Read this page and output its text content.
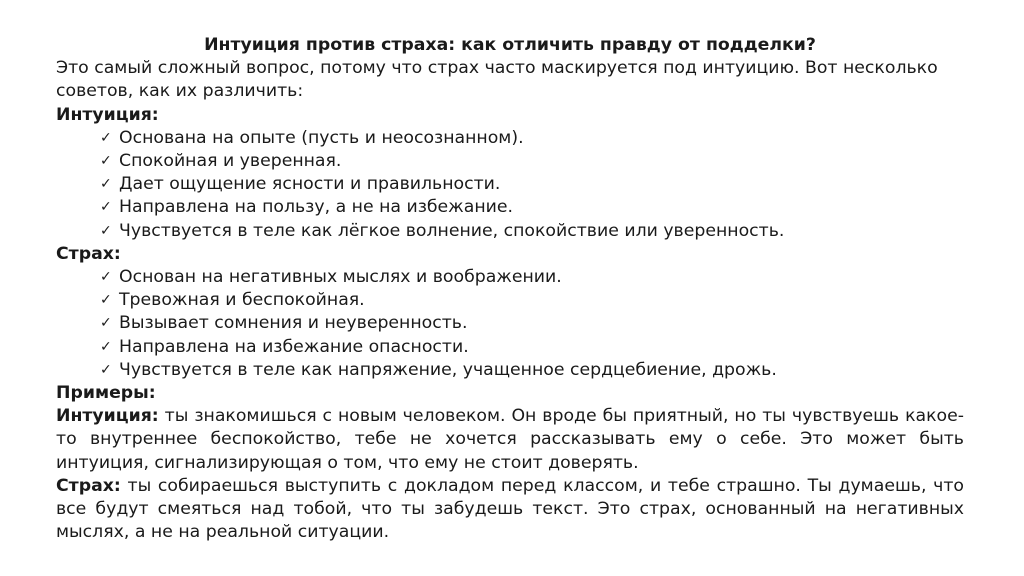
Интуиция против страха: как отличить правду от подделки?

Это самый сложный вопрос, потому что страх часто маскируется под интуицию. Вот несколько советов, как их различить:

Интуиция:

✓ Основана на опыте (пусть и неосознанном).
✓ Спокойная и уверенная.
✓ Дает ощущение ясности и правильности.
✓ Направлена на пользу, а не на избежание.
✓ Чувствуется в теле как лёгкое волнение, спокойствие или уверенность.

Страх:

✓ Основан на негативных мыслях и воображении.
✓ Тревожная и беспокойная.
✓ Вызывает сомнения и неуверенность.
✓ Направлена на избежание опасности.
✓ Чувствуется в теле как напряжение, учащенное сердцебиение, дрожь.

Примеры:

Интуиция: ты знакомишься с новым человеком. Он вроде бы приятный, но ты чувствуешь какое-то внутреннее беспокойство, тебе не хочется рассказывать ему о себе. Это может быть интуиция, сигнализирующая о том, что ему не стоит доверять.

Страх: ты собираешься выступить с докладом перед классом, и тебе страшно. Ты думаешь, что все будут смеяться над тобой, что ты забудешь текст. Это страх, основанный на негативных мыслях, а не на реальной ситуации.
